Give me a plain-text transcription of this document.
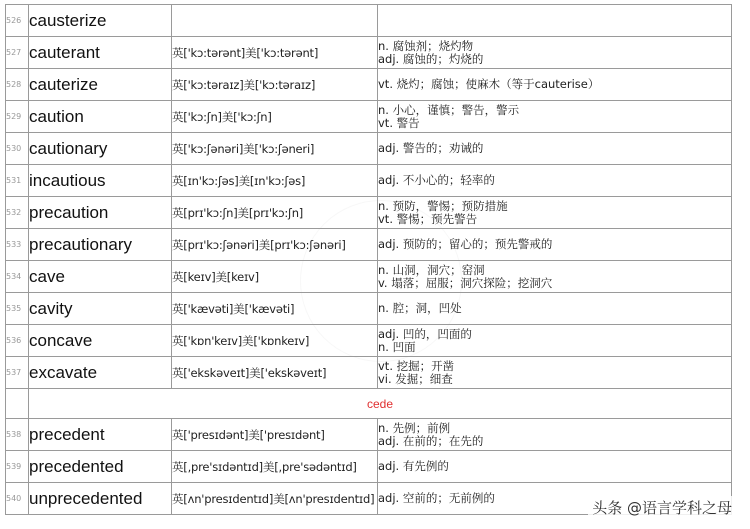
526	causterize		
527	cauterant	英['kɔ:tərənt]美['kɔ:tərənt]	n. 腐蚀剂；烧灼物
adj. 腐蚀的；灼烧的

528	cauterize	英['kɔ:təraɪz]美['kɔ:təraɪz]	vt. 烧灼；腐蚀；使麻木（等于cauterise）

529	caution	英['kɔ:ʃn]美['kɔ:ʃn]	n. 小心，谨慎；警告，警示
vt. 警告

530	cautionary	英['kɔ:ʃənəri]美['kɔ:ʃəneri]	adj. 警告的；劝诫的

531	incautious	英[ɪn'kɔ:ʃəs]美[ɪn'kɔ:ʃəs]	adj. 不小心的；轻率的

532	precaution	英[prɪ'kɔ:ʃn]美[prɪ'kɔ:ʃn]	n. 预防，警惕；预防措施
vt. 警惕；预先警告

533	precautionary	英[prɪ'kɔ:ʃənəri]美[prɪ'kɔ:ʃənəri]	adj. 预防的；留心的；预先警戒的

534	cave	英[keɪv]美[keɪv]	n. 山洞，洞穴；窑洞
v. 塌落；屈服；洞穴探险；挖洞穴

535	cavity	英['kævəti]美['kævəti]	n. 腔；洞，凹处

536	concave	英['kɒn'keɪv]美['kɒnkeɪv]	adj. 凹的，凹面的
n. 凹面

537	excavate	英['ekskəveɪt]美['ekskəveɪt]	vt. 挖掘；开凿
vi. 发掘；细查

	cede		
538	precedent	英['presɪdənt]美['presɪdənt]	n. 先例；前例
adj. 在前的；在先的

539	precedented	英[,pre'sɪdəntɪd]美[,pre'sədəntɪd]	adj. 有先例的

540	unprecedented	英[ʌn'presɪdentɪd]美[ʌn'presɪdentɪd]	adj. 空前的；无前例的
头条 @语言学科之母
